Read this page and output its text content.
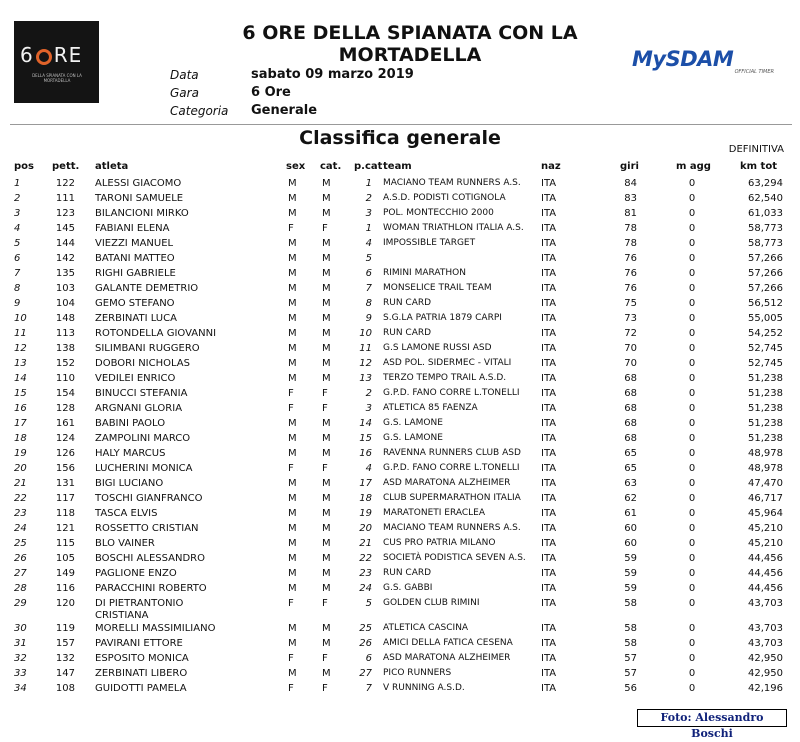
6 RE
DELLA SPIANATA CON LA MORTADELLA
6 ORE DELLA SPIANATA CON LA MORTADELLA	MySDAM
OFFICIAL TIMER
Data	sabato 09 marzo 2019
Gara	6 Ore
Categoria Generale
Classifica generale
DEFINITIVA
pos pett. atleta	sex cat. p.cat team	naz	giri	m agg	km tot
1	122 ALESSI GIACOMO	M	M	1 MACIANO TEAM RUNNERS A.S. ITA	84	0	63,294
2	111 TARONI SAMUELE	M	M	2 A.S.D. PODISTI COTIGNOLA	ITA	83	0	62,540
3	123 BILANCIONI MIRKO	M	M	3 POL. MONTECCHIO 2000	ITA	81	0	61,033
4	145 FABIANI ELENA	F	F	1 WOMAN TRIATHLON ITALIA A.S. ITA	78	0	58,773
5	144 VIEZZI MANUEL	M	M	4 IMPOSSIBLE TARGET	ITA	78	0	58,773
6	142 BATANI MATTEO	M	M	5	ITA	76	0	57,266
7	135 RIGHI GABRIELE	M	M	6 RIMINI MARATHON	ITA	76	0	57,266
8	103 GALANTE DEMETRIO	M	M	7 MONSELICE TRAIL TEAM	ITA	76	0	57,266
9	104 GEMO STEFANO	M	M	8 RUN CARD	ITA	75	0	56,512
10	148 ZERBINATI LUCA	M	M	9 S.G.LA PATRIA 1879 CARPI	ITA	73	0	55,005
11	113 ROTONDELLA GIOVANNI	M	M	10 RUN CARD	ITA	72	0	54,252
12	138 SILIMBANI RUGGERO	M	M	11 G.S LAMONE RUSSI ASD	ITA	70	0	52,745
13	152 DOBORI NICHOLAS	M	M	12 ASD POL. SIDERMEC - VITALI	ITA	70	0	52,745
14	110 VEDILEI ENRICO	M	M	13 TERZO TEMPO TRAIL A.S.D.	ITA	68	0	51,238
15	154 BINUCCI STEFANIA	F	F	2 G.P.D. FANO CORRE L.TONELLI ITA	68	0	51,238
16	128 ARGNANI GLORIA	F	F	3 ATLETICA 85 FAENZA	ITA	68	0	51,238
17	161 BABINI PAOLO	M	M	14 G.S. LAMONE	ITA	68	0	51,238
18	124 ZAMPOLINI MARCO	M	M	15 G.S. LAMONE	ITA	68	0	51,238
19	126 HALY MARCUS	M	M	16 RAVENNA RUNNERS CLUB ASD ITA	65	0	48,978
20	156 LUCHERINI MONICA	F	F	4 G.P.D. FANO CORRE L.TONELLI ITA	65	0	48,978
21	131 BIGI LUCIANO	M	M	17 ASD MARATONA ALZHEIMER	ITA	63	0	47,470
22	117 TOSCHI GIANFRANCO	M	M	18 CLUB SUPERMARATHON ITALIA ITA	62	0	46,717
23	118 TASCA ELVIS	M	M	19 MARATONETI ERACLEA	ITA	61	0	45,964
24	121 ROSSETTO CRISTIAN	M	M	20 MACIANO TEAM RUNNERS A.S. ITA	60	0	45,210
25	115 BLO VAINER	M	M	21 CUS PRO PATRIA MILANO	ITA	60	0	45,210
26	105 BOSCHI ALESSANDRO	M	M	22 SOCIETÀ PODISTICA SEVEN A.S. ITA	59	0	44,456
27	149 PAGLIONE ENZO	M	M	23 RUN CARD	ITA	59	0	44,456
28	116 PARACCHINI ROBERTO	M	M	24 G.S. GABBI	ITA	59	0	44,456
29	120 DI PIETRANTONIO	F	F	5 GOLDEN CLUB RIMINI	ITA	58	0	43,703
CRISTIANA
30	119 MORELLI MASSIMILIANO	M	M	25 ATLETICA CASCINA	ITA	58	0	43,703
31	157 PAVIRANI ETTORE	M	M	26 AMICI DELLA FATICA CESENA	ITA	58	0	43,703
32	132 ESPOSITO MONICA	F	F	6 ASD MARATONA ALZHEIMER	ITA	57	0	42,950
33	147 ZERBINATI LIBERO	M	M	27 PICO RUNNERS	ITA	57	0	42,950
34	108 GUIDOTTI PAMELA	F	F	7 V RUNNING A.S.D.	ITA	56	0	42,196
Foto: Alessandro Boschi
